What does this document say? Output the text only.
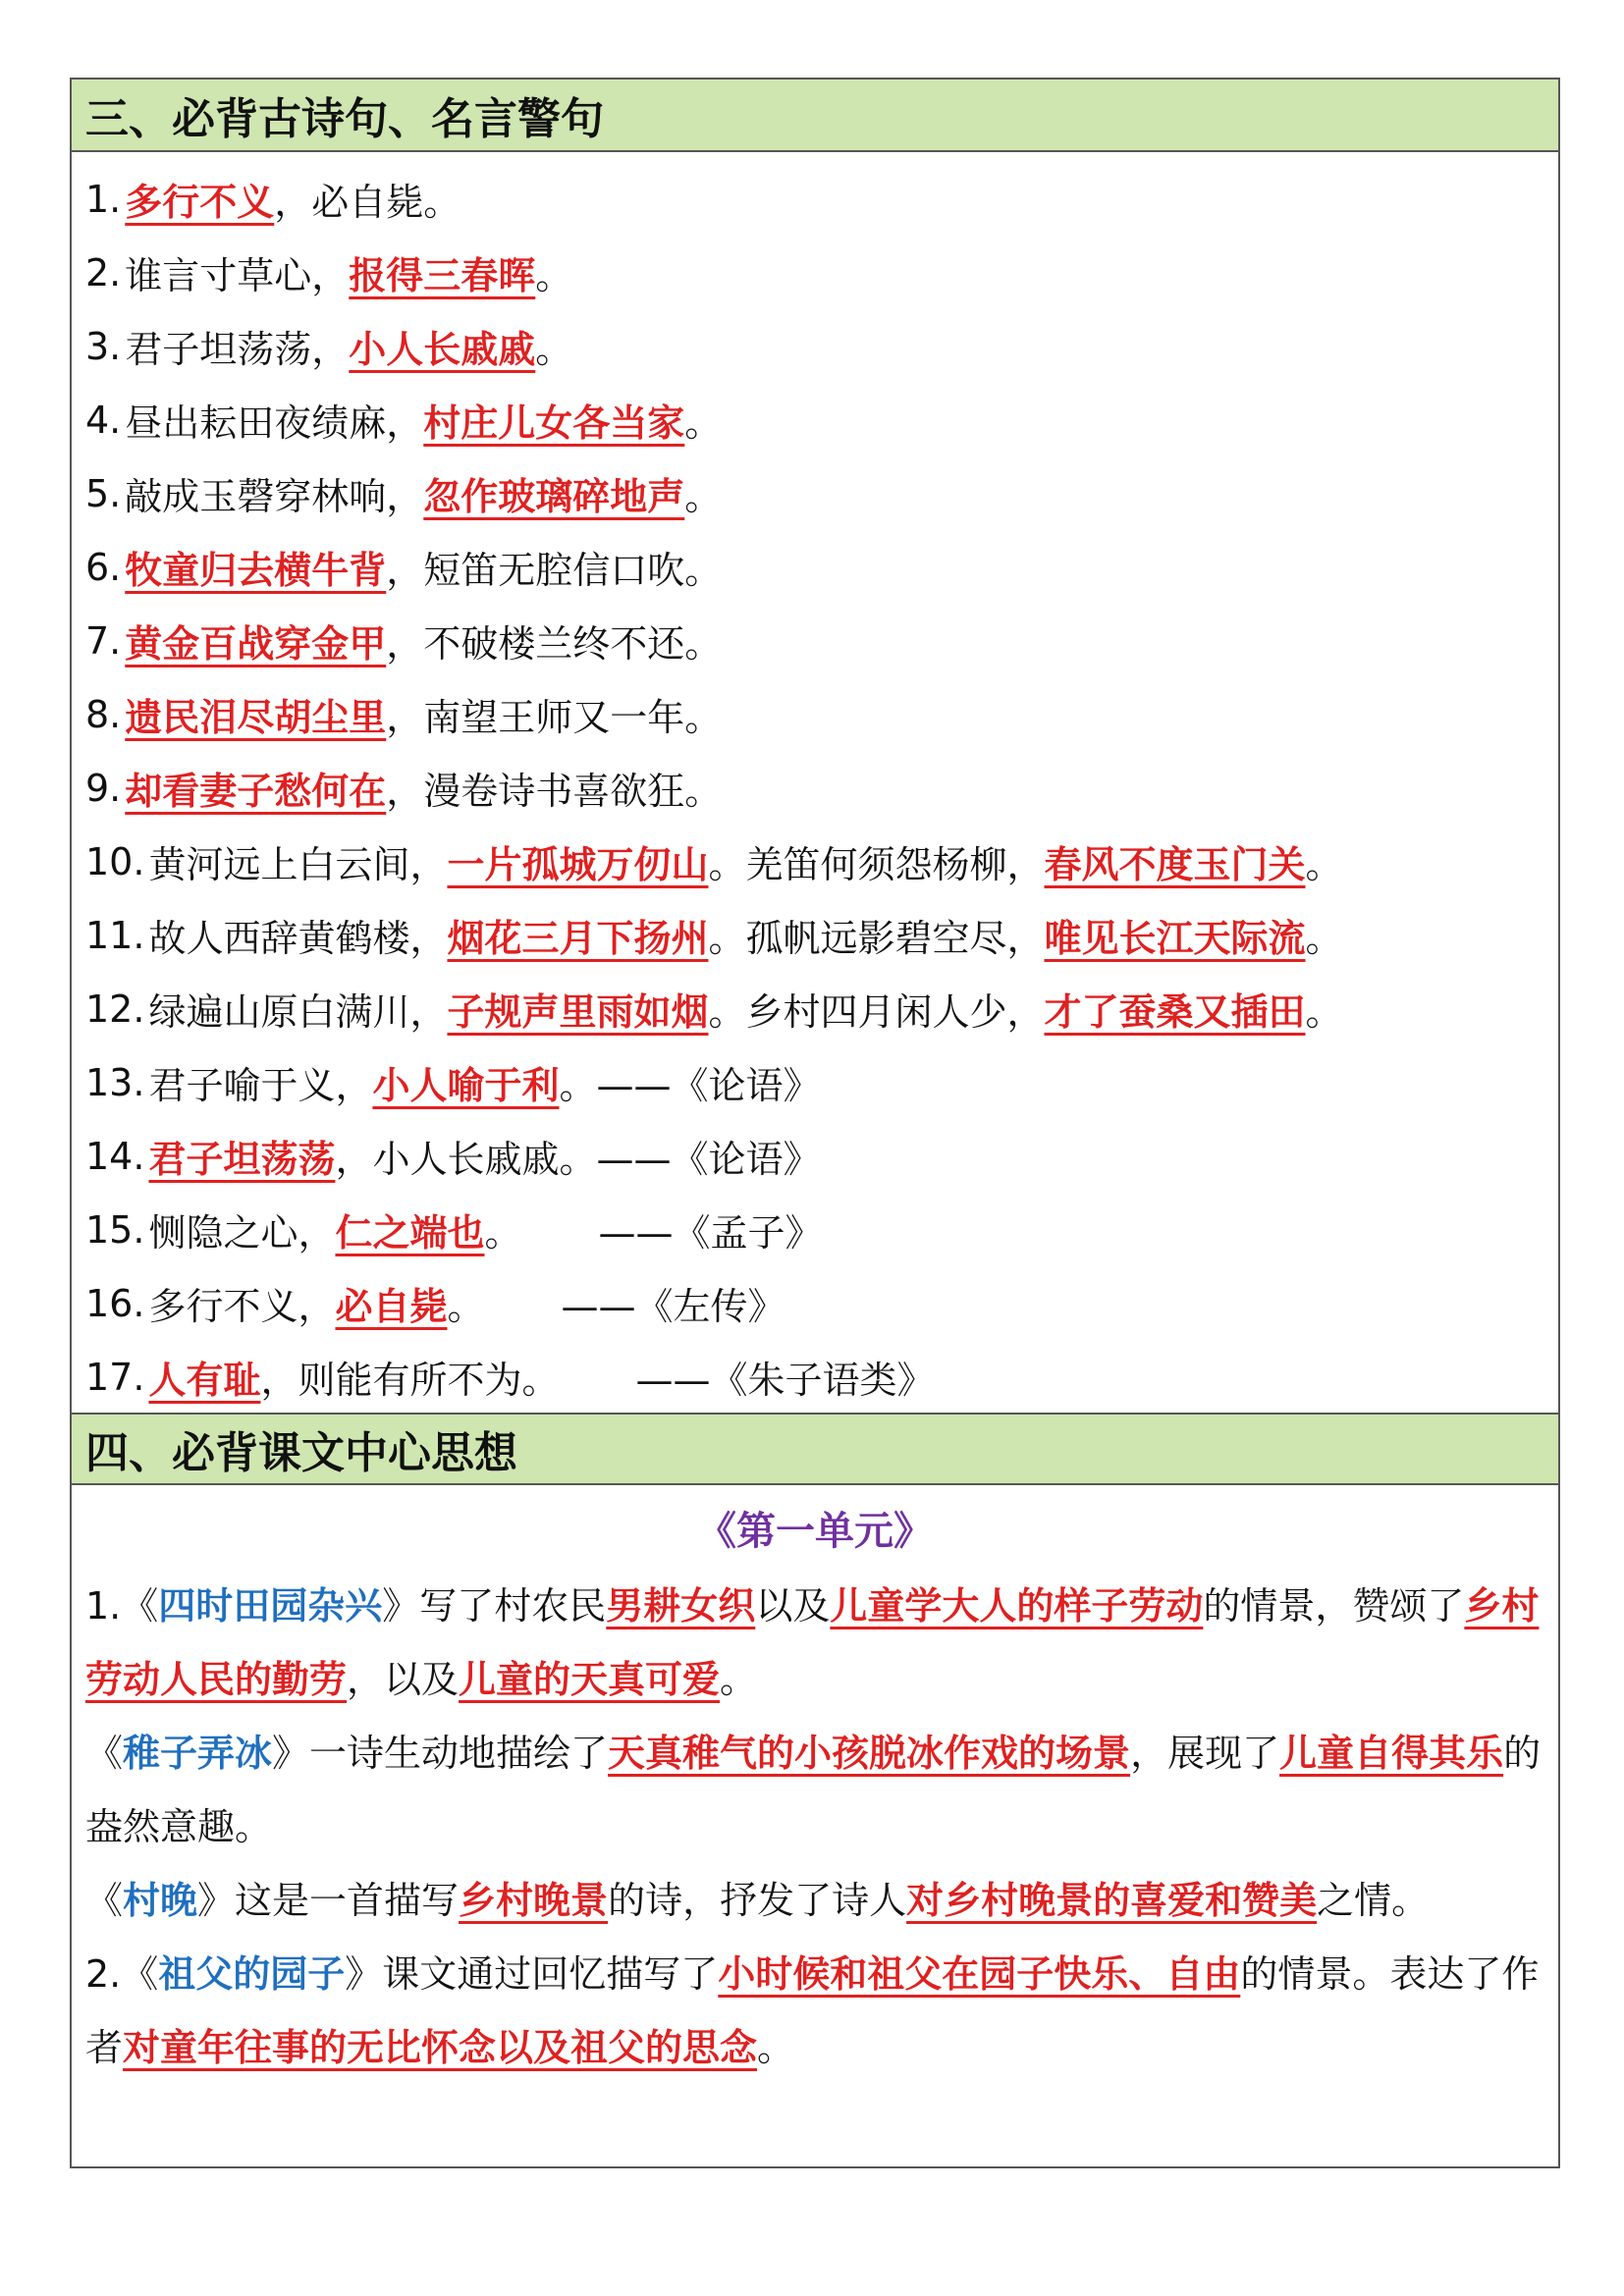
三、必背古诗句、名言警句
1. 多行不义 ，必自毙。
2. 谁言寸草心， 报得三春晖 。
3. 君子坦荡荡， 小人长戚戚 。
4. 昼出耘田夜绩麻， 村庄儿女各当家 。
5. 敲成玉磬穿林响， 忽作玻璃碎地声 。
6. 牧童归去横牛背 ，短笛无腔信口吹。
7. 黄金百战穿金甲 ，不破楼兰终不还。
8. 遗民泪尽胡尘里 ，南望王师又一年。
9. 却看妻子愁何在 ，漫卷诗书喜欲狂。
10. 黄河远上白云间， 一片孤城万仞山 。羌笛何须怨杨柳， 春风不度玉门关 。
11. 故人西辞黄鹤楼， 烟花三月下扬州 。孤帆远影碧空尽， 唯见长江天际流 。
12. 绿遍山原白满川， 子规声里雨如烟 。乡村四月闲人少， 才了蚕桑又插田 。
13. 君子喻于义， 小人喻于利 。——《论语》
14. 君子坦荡荡 ，小人长戚戚。——《论语》
15. 恻隐之心， 仁之端也 。 ——《孟子》
16. 多行不义， 必自毙 。 ——《左传》
17. 人有耻 ，则能有所不为。 ——《朱子语类》
四、必背课文中心思想
《第一单元》
1.《四时田园杂兴》写了村农民男耕女织以及儿童学大人的样子劳动的情景，赞颂了乡村劳动人民的勤劳，以及儿童的天真可爱。
《稚子弄冰》一诗生动地描绘了天真稚气的小孩脱冰作戏的场景，展现了儿童自得其乐的盎然意趣。
《村晚》这是一首描写乡村晚景的诗，抒发了诗人对乡村晚景的喜爱和赞美之情。
2.《祖父的园子》课文通过回忆描写了小时候和祖父在园子快乐、自由的情景。表达了作者对童年往事的无比怀念以及祖父的思念。
